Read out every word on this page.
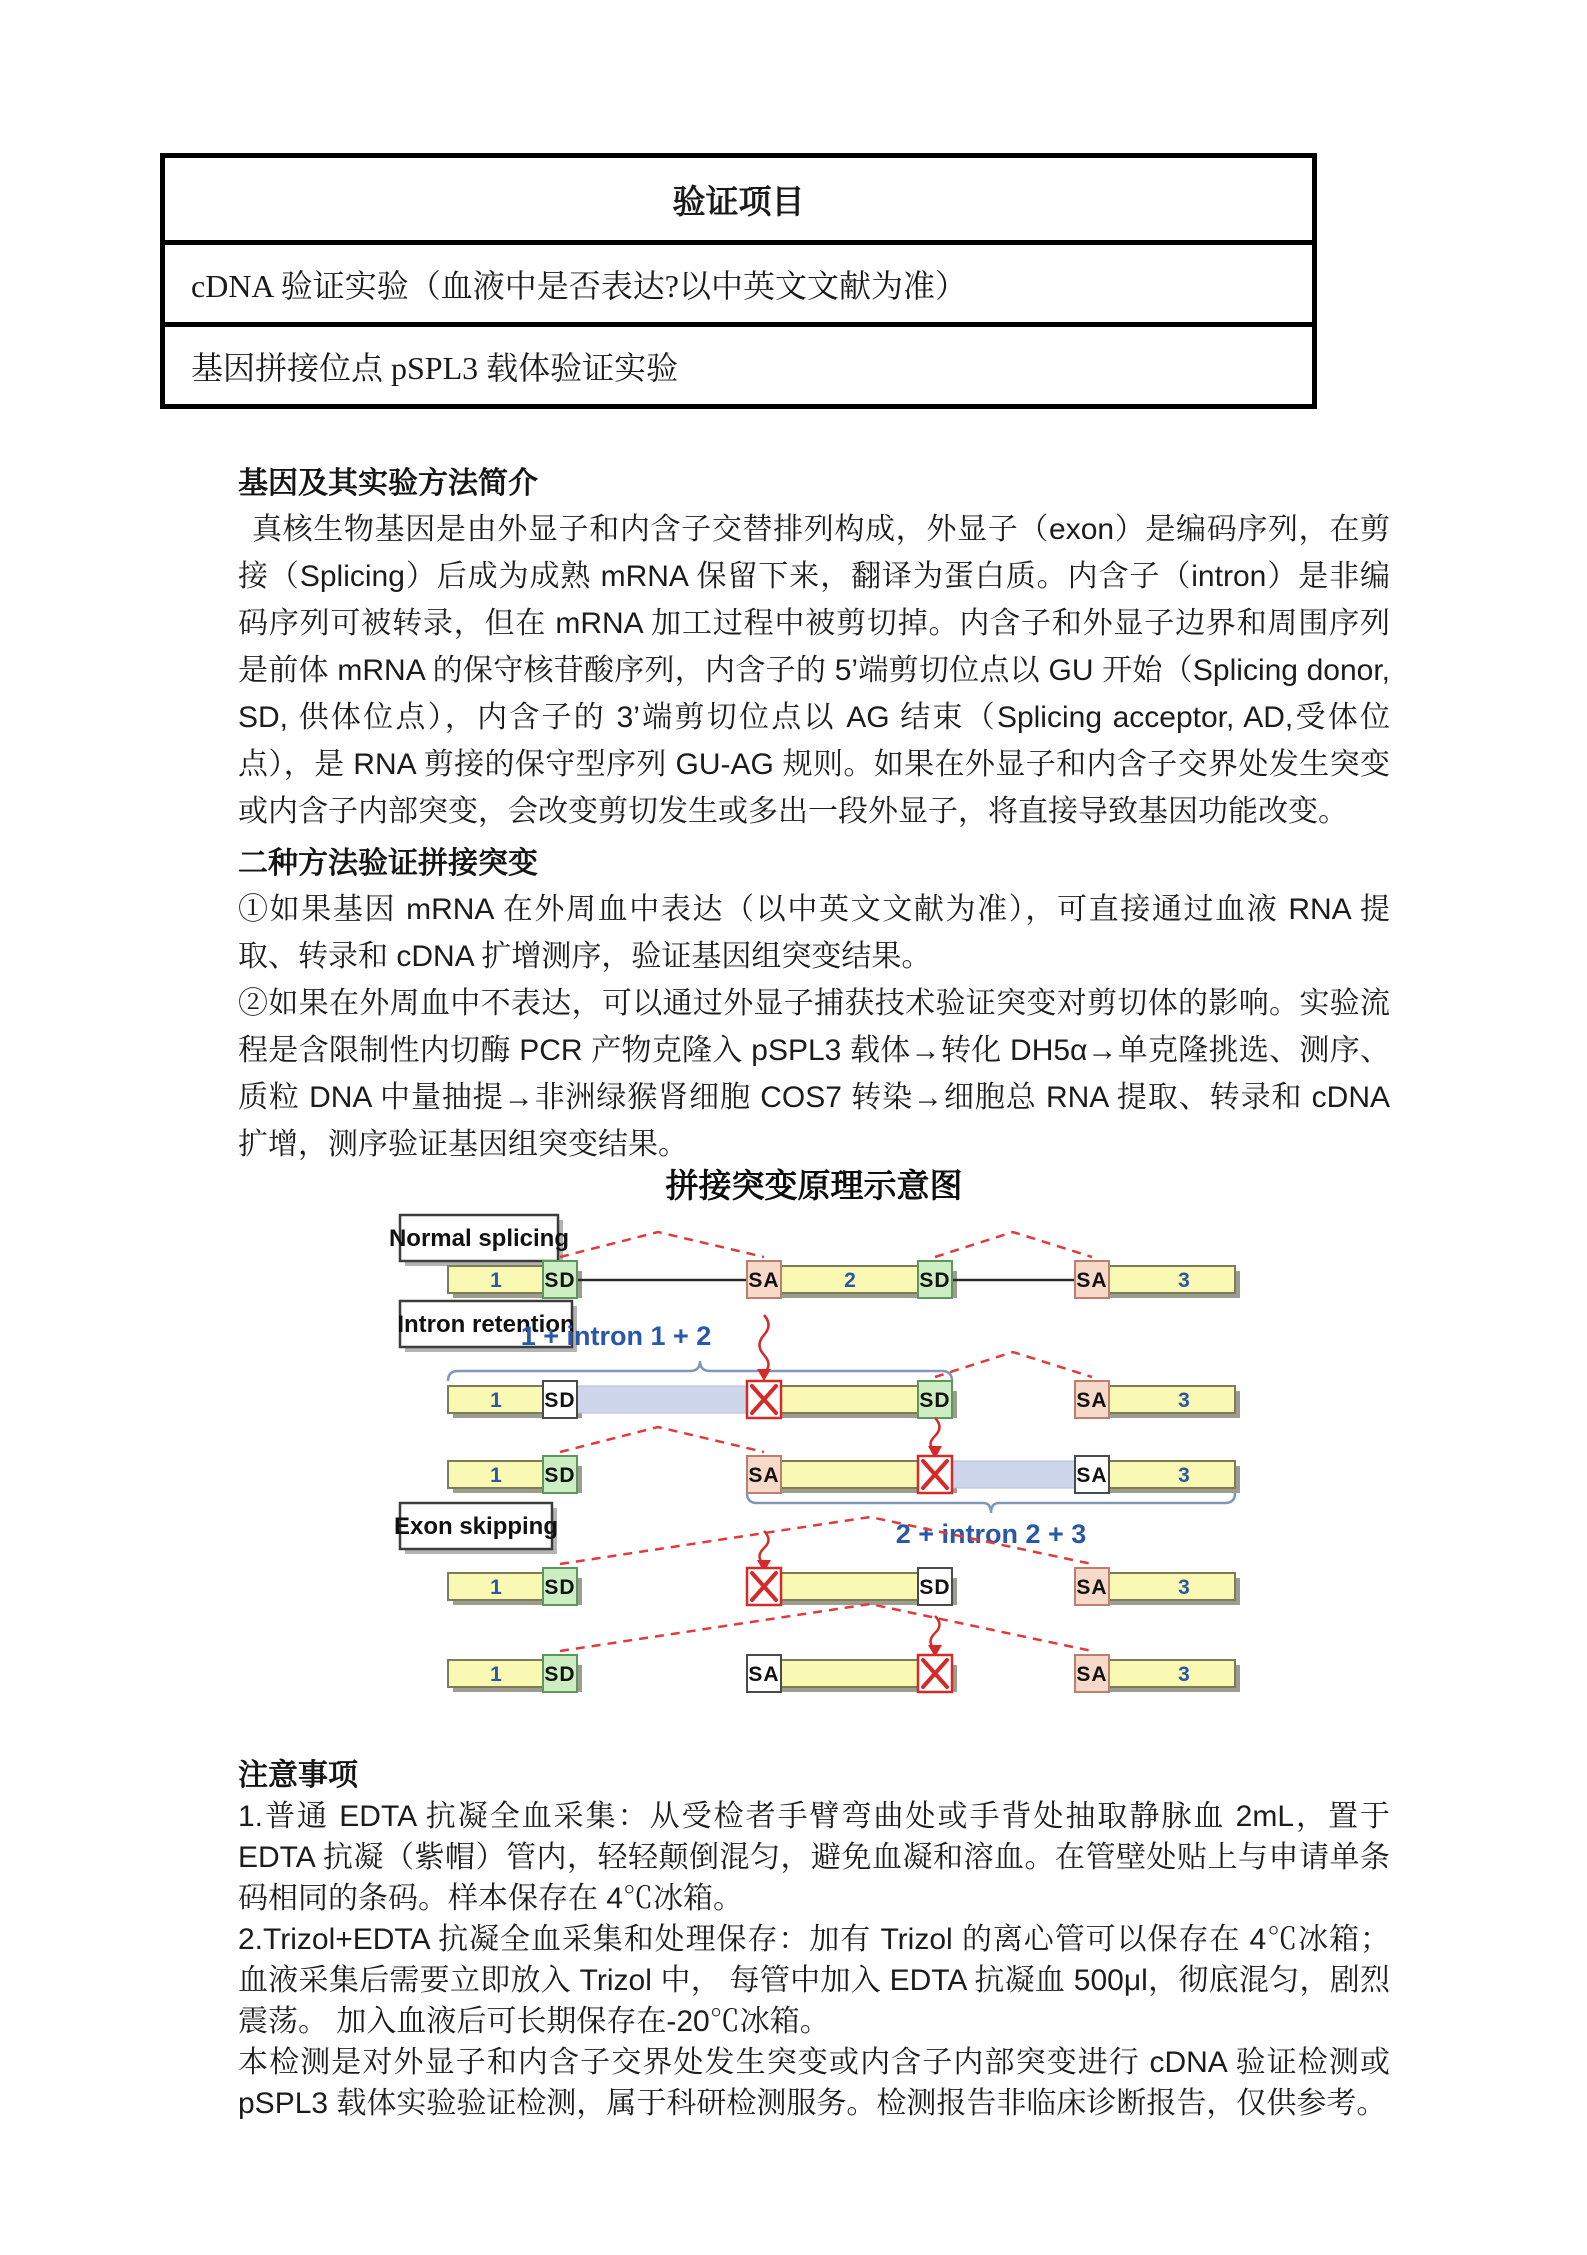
验证项目
cDNA 验证实验（血液中是否表达?以中英文文献为准）
基因拼接位点 pSPL3 载体验证实验
基因及其实验方法简介

真核生物基因是由外显子和内含子交替排列构成，外显子（exon）是编码序列，在剪接（Splicing）后成为成熟 mRNA 保留下来，翻译为蛋白质。内含子（intron）是非编码序列可被转录，但在 mRNA 加工过程中被剪切掉。内含子和外显子边界和周围序列是前体 mRNA 的保守核苷酸序列，内含子的 5’端剪切位点以 GU 开始（Splicing donor, SD, 供体位点），内含子的 3’端剪切位点以 AG 结束（Splicing acceptor, AD,受体位点），是 RNA 剪接的保守型序列 GU-AG 规则。如果在外显子和内含子交界处发生突变或内含子内部突变，会改变剪切发生或多出一段外显子，将直接导致基因功能改变。

二种方法验证拼接突变

①如果基因 mRNA 在外周血中表达（以中英文文献为准），可直接通过血液 RNA 提取、转录和 cDNA 扩增测序，验证基因组突变结果。

②如果在外周血中不表达，可以通过外显子捕获技术验证突变对剪切体的影响。实验流程是含限制性内切酶 PCR 产物克隆入 pSPL3 载体→转化 DH5α→单克隆挑选、测序、质粒 DNA 中量抽提→非洲绿猴肾细胞 COS7 转染→细胞总 RNA 提取、转录和 cDNA 扩增，测序验证基因组突变结果。

拼接突变原理示意图
Normal splicing
1 SD	SA	2	SD	SA	3
Intron retention
1 + intron 1 + 2
SD	SD	SA
1	3
SD	SA	SA
1	3
2 + intron 2 + 3
Exon skipping
SD	SD	SA
1	3
SD	SA	SA
1	3
注意事项

1.普通 EDTA 抗凝全血采集：从受检者手臂弯曲处或手背处抽取静脉血 2mL，置于 EDTA 抗凝（紫帽）管内，轻轻颠倒混匀，避免血凝和溶血。在管壁处贴上与申请单条码相同的条码。样本保存在 4℃冰箱。

2.Trizol+EDTA 抗凝全血采集和处理保存：加有 Trizol 的离心管可以保存在 4℃冰箱；血液采集后需要立即放入 Trizol 中， 每管中加入 EDTA 抗凝血 500μl，彻底混匀，剧烈震荡。 加入血液后可长期保存在-20℃冰箱。

本检测是对外显子和内含子交界处发生突变或内含子内部突变进行 cDNA 验证检测或 pSPL3 载体实验验证检测，属于科研检测服务。检测报告非临床诊断报告，仅供参考。
